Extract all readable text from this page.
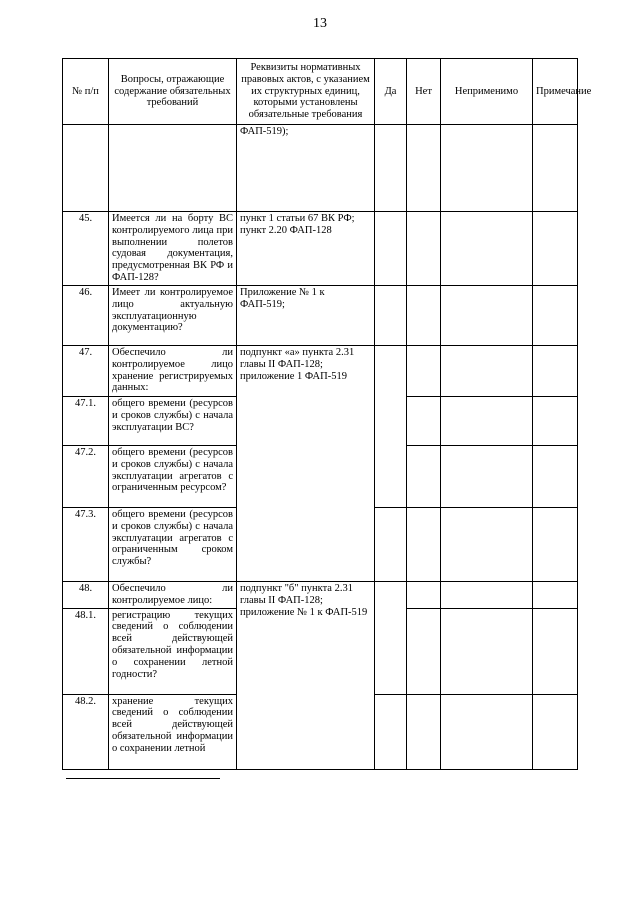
13
№ п/п	Вопросы, отражающие содержание обязательных требований	Реквизиты нормативных правовых актов, с указанием их структурных единиц, которыми установлены обязательные требования	Да	Нет	Неприменимо	Примечание
		ФАП-519);				
45.	Имеется ли на борту ВС контролируемого лица при выполнении полетов судовая документация, предусмотренная ВК РФ и ФАП-128?	пункт 1 статьи 67 ВК РФ; пункт 2.20 ФАП-128				
46.	Имеет ли контролируемое лицо актуальную эксплуатационную документацию?	Приложение № 1 к ФАП-519;				
47.	Обеспечило ли контролируемое лицо хранение регистрируемых данных:	подпункт «а» пункта 2.31 главы II ФАП-128; приложение 1 ФАП-519				
47.1.	общего времени (ресурсов и сроков службы) с начала эксплуатации ВС?					
47.2.	общего времени (ресурсов и сроков службы) с начала эксплуатации агрегатов с ограниченным ресурсом?					
47.3.	общего времени (ресурсов и сроков службы) с начала эксплуатации агрегатов с ограниченным сроком службы?					
48.	Обеспечило ли контролируемое лицо:	подпункт "б" пункта 2.31 главы II ФАП-128; приложение № 1 к ФАП-519				
48.1.	регистрацию текущих сведений о соблюдении всей действующей обязательной информации о сохранении летной годности?					
48.2.	хранение текущих сведений о соблюдении всей действующей обязательной информации о сохранении летной					
